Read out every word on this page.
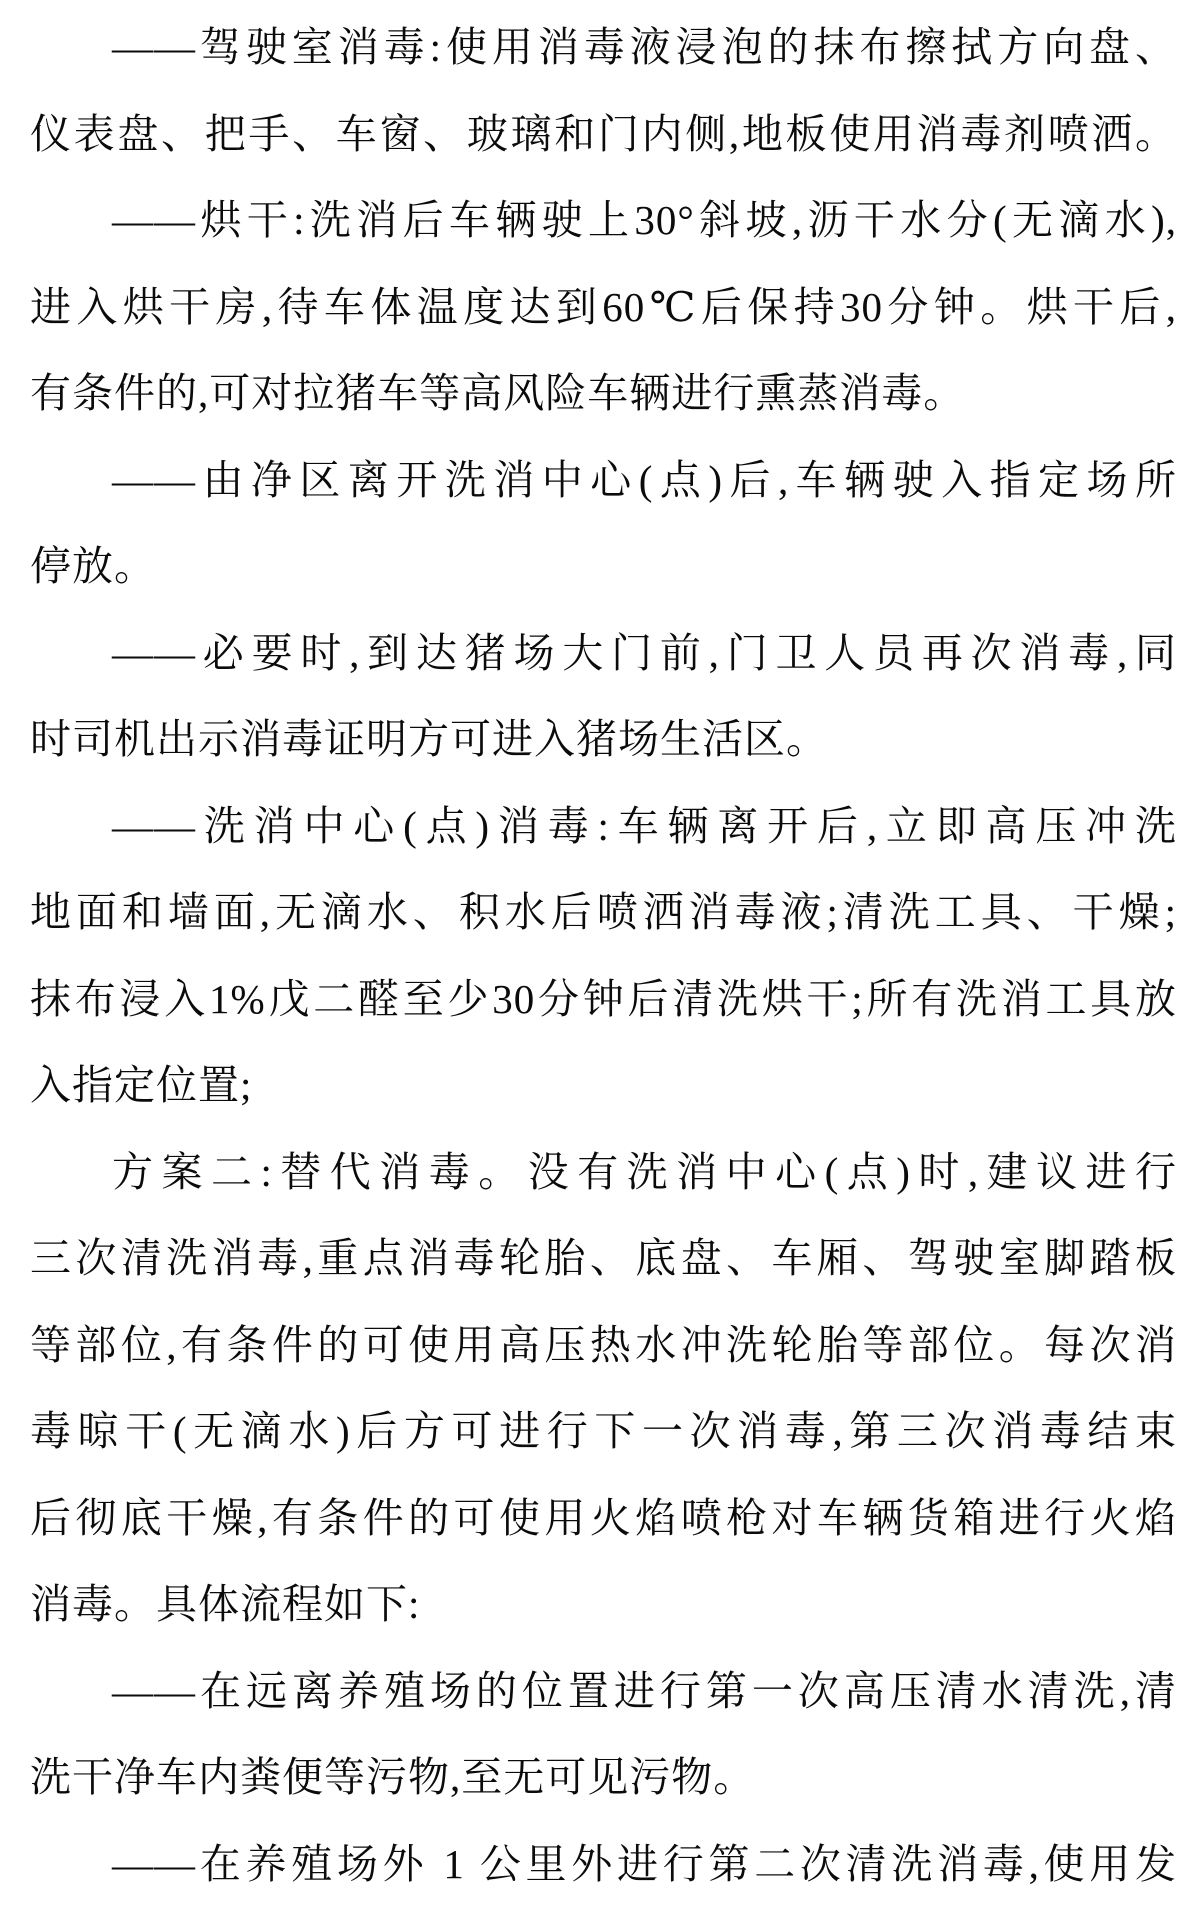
——驾驶室消毒:使用消毒液浸泡的抹布擦拭方向盘、
仪表盘、把手、车窗、玻璃和门内侧,地板使用消毒剂喷洒。
——烘干:洗消后车辆驶上30°斜坡,沥干水分(无滴水),
进入烘干房,待车体温度达到60℃后保持30分钟。烘干后,
有条件的,可对拉猪车等高风险车辆进行熏蒸消毒。
——由净区离开洗消中心(点)后,车辆驶入指定场所
停放。
——必要时,到达猪场大门前,门卫人员再次消毒,同
时司机出示消毒证明方可进入猪场生活区。
——洗消中心(点)消毒:车辆离开后,立即高压冲洗
地面和墙面,无滴水、积水后喷洒消毒液;清洗工具、干燥;
抹布浸入1%戊二醛至少30分钟后清洗烘干;所有洗消工具放
入指定位置;
方案二:替代消毒。没有洗消中心(点)时,建议进行
三次清洗消毒,重点消毒轮胎、底盘、车厢、驾驶室脚踏板
等部位,有条件的可使用高压热水冲洗轮胎等部位。每次消
毒晾干(无滴水)后方可进行下一次消毒,第三次消毒结束
后彻底干燥,有条件的可使用火焰喷枪对车辆货箱进行火焰
消毒。具体流程如下:
——在远离养殖场的位置进行第一次高压清水清洗,清
洗干净车内粪便等污物,至无可见污物。
——在养殖场外 1 公里外进行第二次清洗消毒,使用发
